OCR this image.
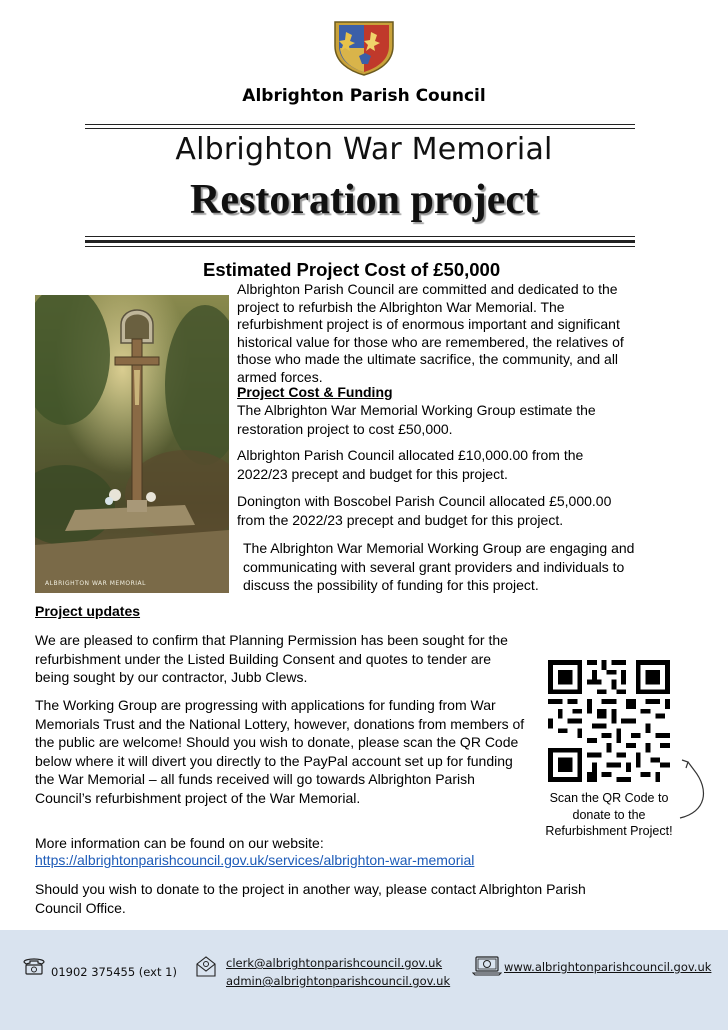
Albrighton Parish Council
Albrighton War Memorial
Restoration project
Estimated Project Cost of £50,000
ALBRIGHTON WAR MEMORIAL
Albrighton Parish Council are committed and dedicated to the project to refurbish the Albrighton War Memorial. The refurbishment project is of enormous important and significant historical value for those who are remembered, the relatives of those who made the ultimate sacrifice, the community, and all armed forces.
Project Cost & Funding
The Albrighton War Memorial Working Group estimate the restoration project to cost £50,000.
Albrighton Parish Council allocated £10,000.00 from the 2022/23 precept and budget for this project.
Donington with Boscobel Parish Council allocated £5,000.00 from the 2022/23 precept and budget for this project.
The Albrighton War Memorial Working Group are engaging and communicating with several grant providers and individuals to discuss the possibility of funding for this project.
Project updates
We are pleased to confirm that Planning Permission has been sought for the refurbishment under the Listed Building Consent and quotes to tender are being sought by our contractor, Jubb Clews.
The Working Group are progressing with applications for funding from War Memorials Trust and the National Lottery, however, donations from members of the public are welcome! Should you wish to donate, please scan the QR Code below where it will divert you directly to the PayPal account set up for funding the War Memorial – all funds received will go towards Albrighton Parish Council’s refurbishment project of the War Memorial.
More information can be found on our website:
https://albrightonparishcouncil.gov.uk/services/albrighton-war-memorial
Should you wish to donate to the project in another way, please contact Albrighton Parish Council Office.
Scan the QR Code to donate to the Refurbishment Project!
01902 375455 (ext 1)
clerk@albrightonparishcouncil.gov.uk
admin@albrightonparishcouncil.gov.uk
www.albrightonparishcouncil.gov.uk
